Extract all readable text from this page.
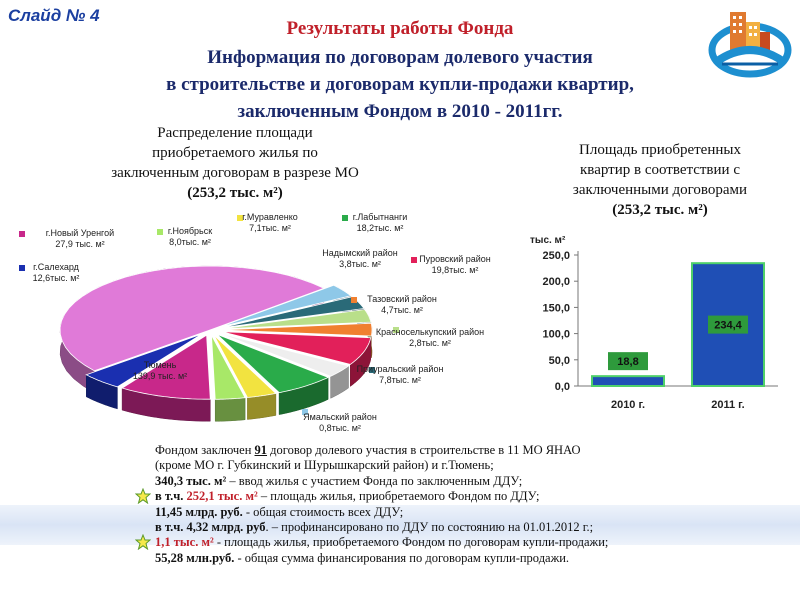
Слайд № 4
Результаты работы Фонда
Информация по договорам долевого участия
в строительстве и договорам купли-продажи квартир,
заключенным Фондом в 2010 - 2011гг.
Распределение площади
приобретаемого жилья по
заключенным договорам в разрезе МО
(253,2 тыс. м²)
Площадь приобретенных
квартир в соответствии с
заключенными договорами
(253,2 тыс. м²)
Тюмень
139,9 тыс. м²
Ямальский район
0,8тыс. м²
Приуральский район
7,8тыс. м²
Красноселькупский район
2,8тыс. м²
Тазовский район
4,7тыс. м²
Пуровский район
19,8тыс. м²
Надымский район
3,8тыс. м²
г.Лабытнанги
18,2тыс. м²
г.Муравленко
7,1тыс. м²
г.Ноябрьск
8,0тыс. м²
г.Новый Уренгой
27,9 тыс. м²
г.Салехард
12,6тыс. м²
тыс. м²
0,0
50,0
100,0
150,0
200,0
250,0
18,8
2010 г.
234,4
2011 г.
Фондом заключен 91 договор долевого участия в строительстве в 11 МО ЯНАО
(кроме МО г. Губкинский и Шурышкарский район) и г.Тюмень;
340,3 тыс. м² – ввод жилья с участием Фонда по заключенным ДДУ;
в т.ч. 252,1 тыс. м² – площадь жилья, приобретаемого Фондом по ДДУ;
11,45 млрд. руб. - общая стоимость всех ДДУ;
в т.ч. 4,32 млрд. руб. – профинансировано по ДДУ по состоянию на 01.01.2012 г.;
1,1 тыс. м² - площадь жилья, приобретаемого Фондом по договорам купли-продажи;
55,28 млн.руб. - общая сумма финансирования по договорам купли-продажи.
